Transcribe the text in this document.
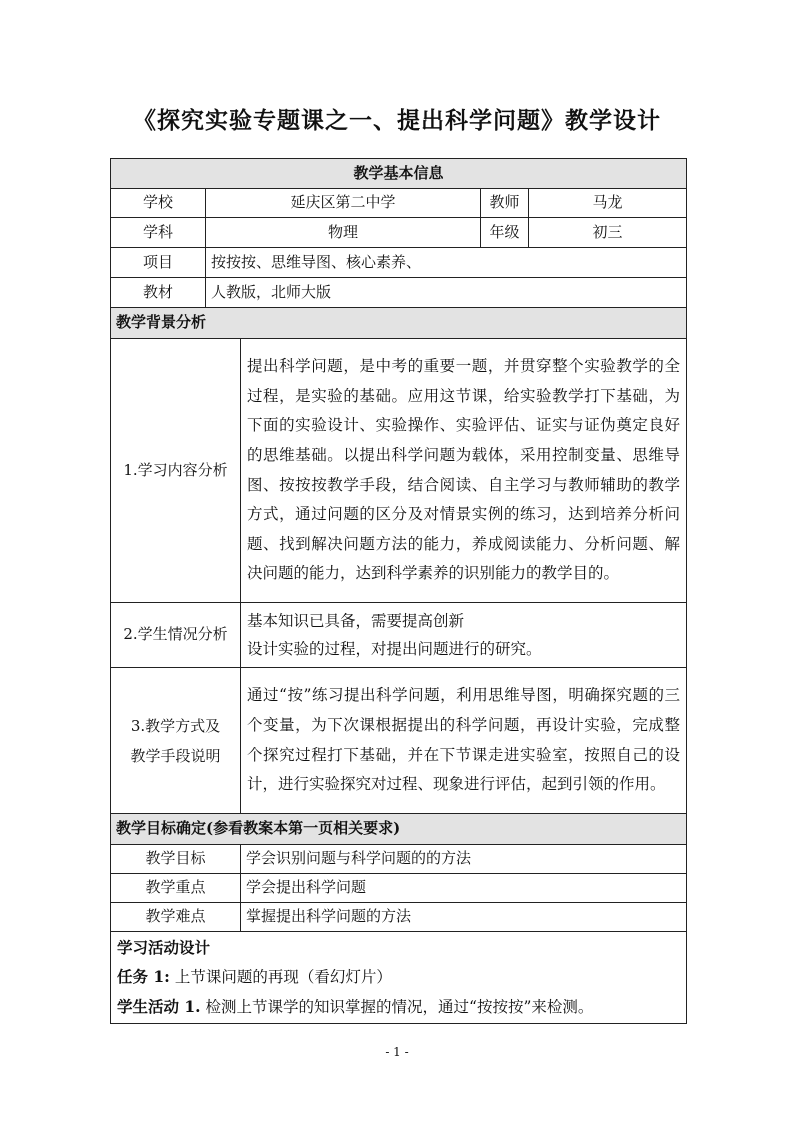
《探究实验专题课之一、提出科学问题》教学设计
教学基本信息				
学校	延庆区第二中学		教师	马龙
学科	物理		年级	初三
项目	按按按、思维导图、核心素养、			
教材	人教版，北师大版			
教学背景分析				
1.学习内容分析		提出科学问题，是中考的重要一题，并贯穿整个实验教学的全过程，是实验的基础。应用这节课，给实验教学打下基础，为下面的实验设计、实验操作、实验评估、证实与证伪奠定良好的思维基础。以提出科学问题为载体，采用控制变量、思维导图、按按按教学手段，结合阅读、自主学习与教师辅助的教学方式，通过问题的区分及对情景实例的练习，达到培养分析问题、找到解决问题方法的能力，养成阅读能力、分析问题、解决问题的能力，达到科学素养的识别能力的教学目的。		
2.学生情况分析		基本知识已具备，需要提高创新
设计实验的过程，对提出问题进行的研究。		

3.教学方式及
教学手段说明		通过“按”练习提出科学问题，利用思维导图，明确探究题的三个变量，为下次课根据提出的科学问题，再设计实验，完成整个探究过程打下基础，并在下节课走进实验室，按照自己的设计，进行实验探究对过程、现象进行评估，起到引领的作用。		
教学目标确定(参看教案本第一页相关要求)				
教学目标		学会识别问题与科学问题的的方法		
教学重点		学会提出科学问题		
教学难点		掌握提出科学问题的方法		

学习活动设计
任务 1: 上节课问题的再现（看幻灯片）
学生活动 1. 检测上节课学的知识掌握的情况，通过“按按按”来检测。				
- 1 -
